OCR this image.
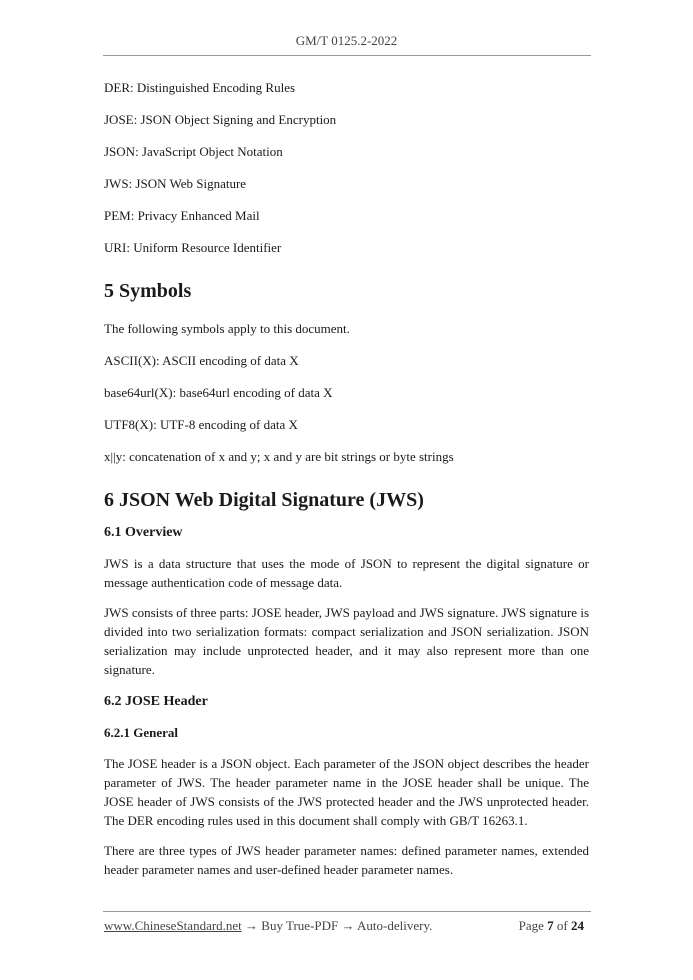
GM/T 0125.2-2022

DER: Distinguished Encoding Rules

JOSE: JSON Object Signing and Encryption

JSON: JavaScript Object Notation

JWS: JSON Web Signature

PEM: Privacy Enhanced Mail

URI: Uniform Resource Identifier

5 Symbols

The following symbols apply to this document.

ASCII(X): ASCII encoding of data X

base64url(X): base64url encoding of data X

UTF8(X): UTF-8 encoding of data X

x||y: concatenation of x and y; x and y are bit strings or byte strings

6 JSON Web Digital Signature (JWS)
6.1 Overview

JWS is a data structure that uses the mode of JSON to represent the digital signature or message authentication code of message data.

JWS consists of three parts: JOSE header, JWS payload and JWS signature. JWS signature is divided into two serialization formats: compact serialization and JSON serialization. JSON serialization may include unprotected header, and it may also represent more than one signature.

6.2 JOSE Header
6.2.1 General

The JOSE header is a JSON object. Each parameter of the JSON object describes the header parameter of JWS. The header parameter name in the JOSE header shall be unique. The JOSE header of JWS consists of the JWS protected header and the JWS unprotected header. The DER encoding rules used in this document shall comply with GB/T 16263.1.

There are three types of JWS header parameter names: defined parameter names, extended header parameter names and user-defined header parameter names.

www.ChineseStandard.net → Buy True-PDF → Auto-delivery.	Page 7 of 24
